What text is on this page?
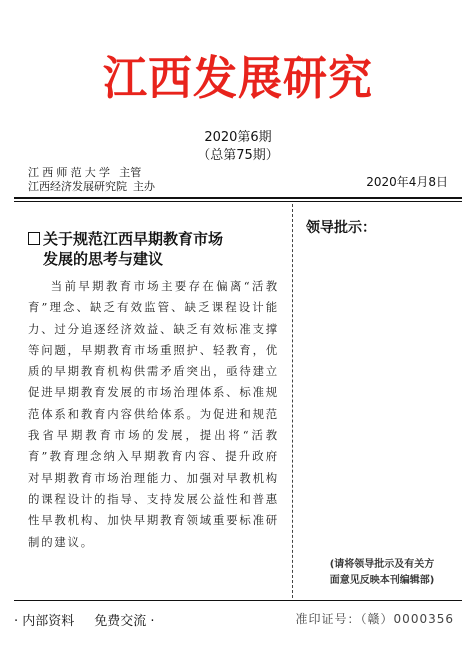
江西发展研究
2020第6期
（总第75期）
江西师范大学 主管
江西经济发展研究院 主办	2020年4月8日
关于规范江西早期教育市场
发展的思考与建议
当前早期教育市场主要存在偏离“活教育”理念、缺乏有效监管、缺乏课程设计能力、过分追逐经济效益、缺乏有效标准支撑等问题，早期教育市场重照护、轻教育，优质的早期教育机构供需矛盾突出，亟待建立促进早期教育发展的市场治理体系、标准规范体系和教育内容供给体系。为促进和规范我省早期教育市场的发展，提出将“活教育”教育理念纳入早期教育内容、提升政府对早期教育市场治理能力、加强对早教机构的课程设计的指导、支持发展公益性和普惠性早教机构、加快早期教育领域重要标准研制的建议。
领导批示：
(请将领导批示及有关方
面意见反映本刊编辑部)
· 内部资料 免费交流 ·	准印证号：（赣）0000356
